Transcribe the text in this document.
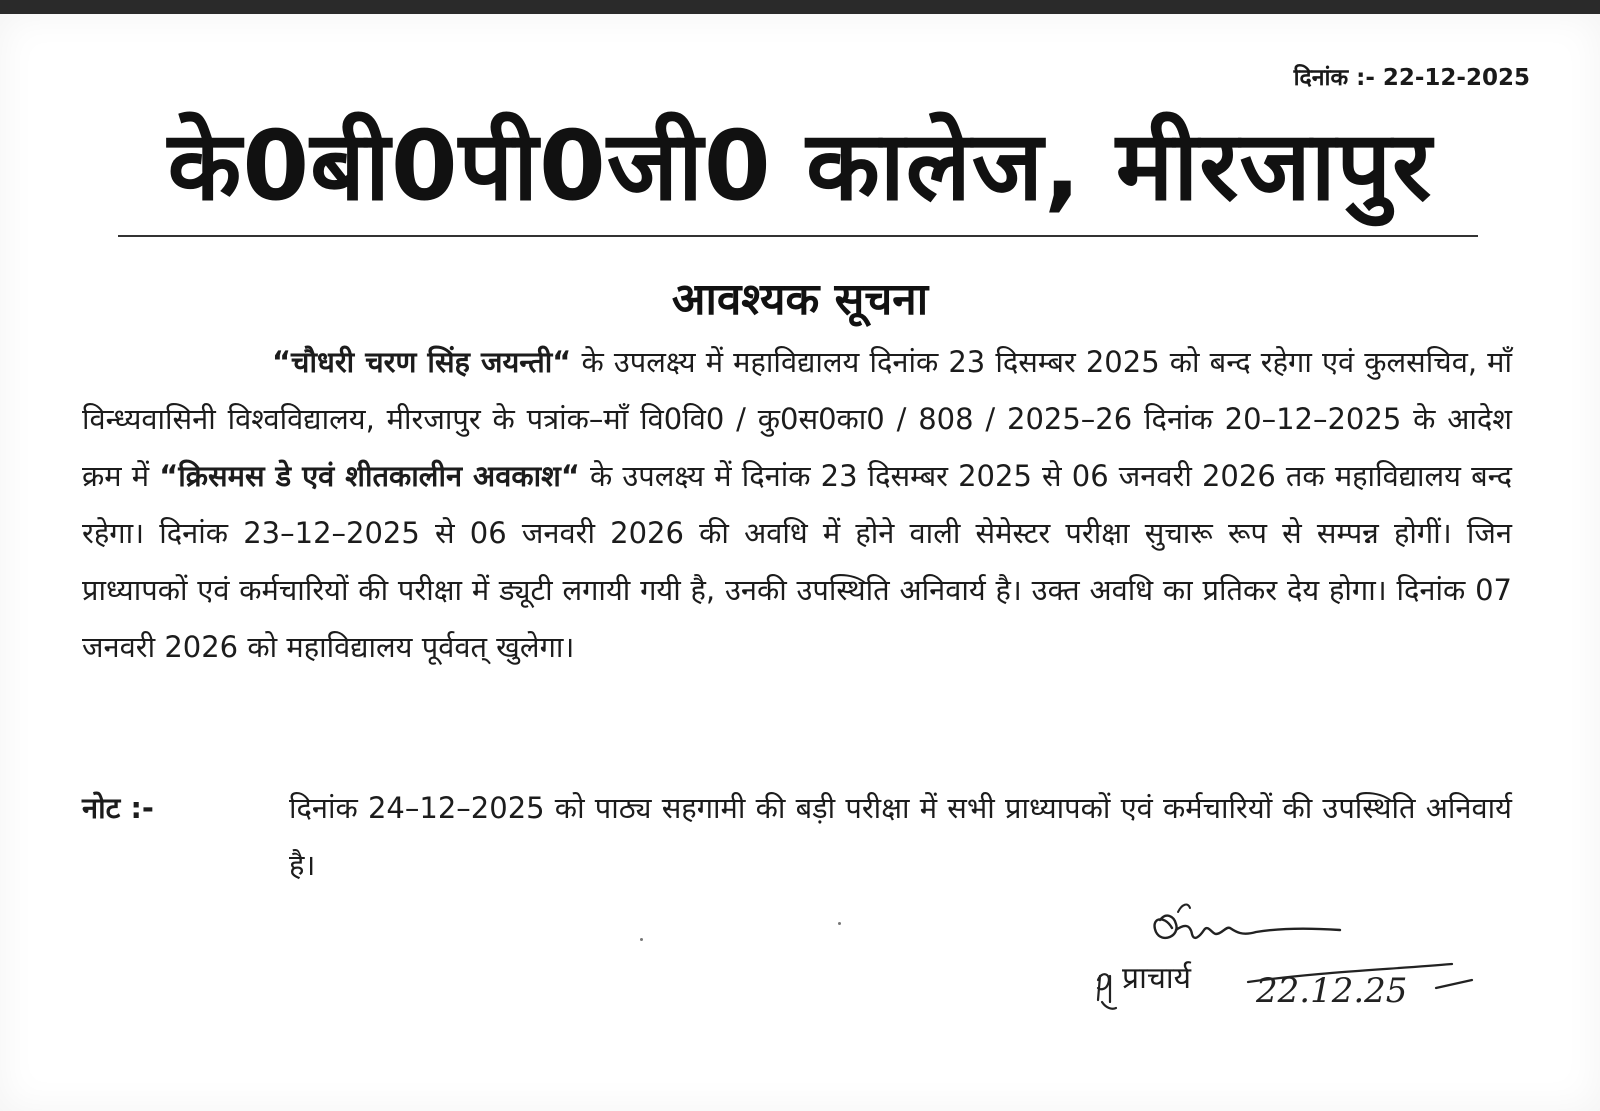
दिनांक :- 22-12-2025
के0बी0पी0जी0 कालेज, मीरजापुर
आवश्यक सूचना

“चौधरी चरण सिंह जयन्ती“ के उपलक्ष्य में महाविद्यालय दिनांक 23 दिसम्बर 2025 को बन्द रहेगा एवं कुलसचिव, माँ विन्ध्यवासिनी विश्वविद्यालय, मीरजापुर के पत्रांक–माँ वि0वि0 / कु0स0का0 / 808 / 2025–26 दिनांक 20–12–2025 के आदेश क्रम में “क्रिसमस डे एवं शीतकालीन अवकाश“ के उपलक्ष्य में दिनांक 23 दिसम्बर 2025 से 06 जनवरी 2026 तक महाविद्यालय बन्द रहेगा। दिनांक 23–12–2025 से 06 जनवरी 2026 की अवधि में होने वाली सेमेस्टर परीक्षा सुचारू रूप से सम्पन्न होगीं। जिन प्राध्यापकों एवं कर्मचारियों की परीक्षा में ड्यूटी लगायी गयी है, उनकी उपस्थिति अनिवार्य है। उक्त अवधि का प्रतिकर देय होगा। दिनांक 07 जनवरी 2026 को महाविद्यालय पूर्ववत् खुलेगा।

नोट :-	दिनांक 24–12–2025 को पाठ्य सहगामी की बड़ी परीक्षा में सभी प्राध्यापकों एवं कर्मचारियों की उपस्थिति अनिवार्य है।
22.12.25
प्राचार्य
